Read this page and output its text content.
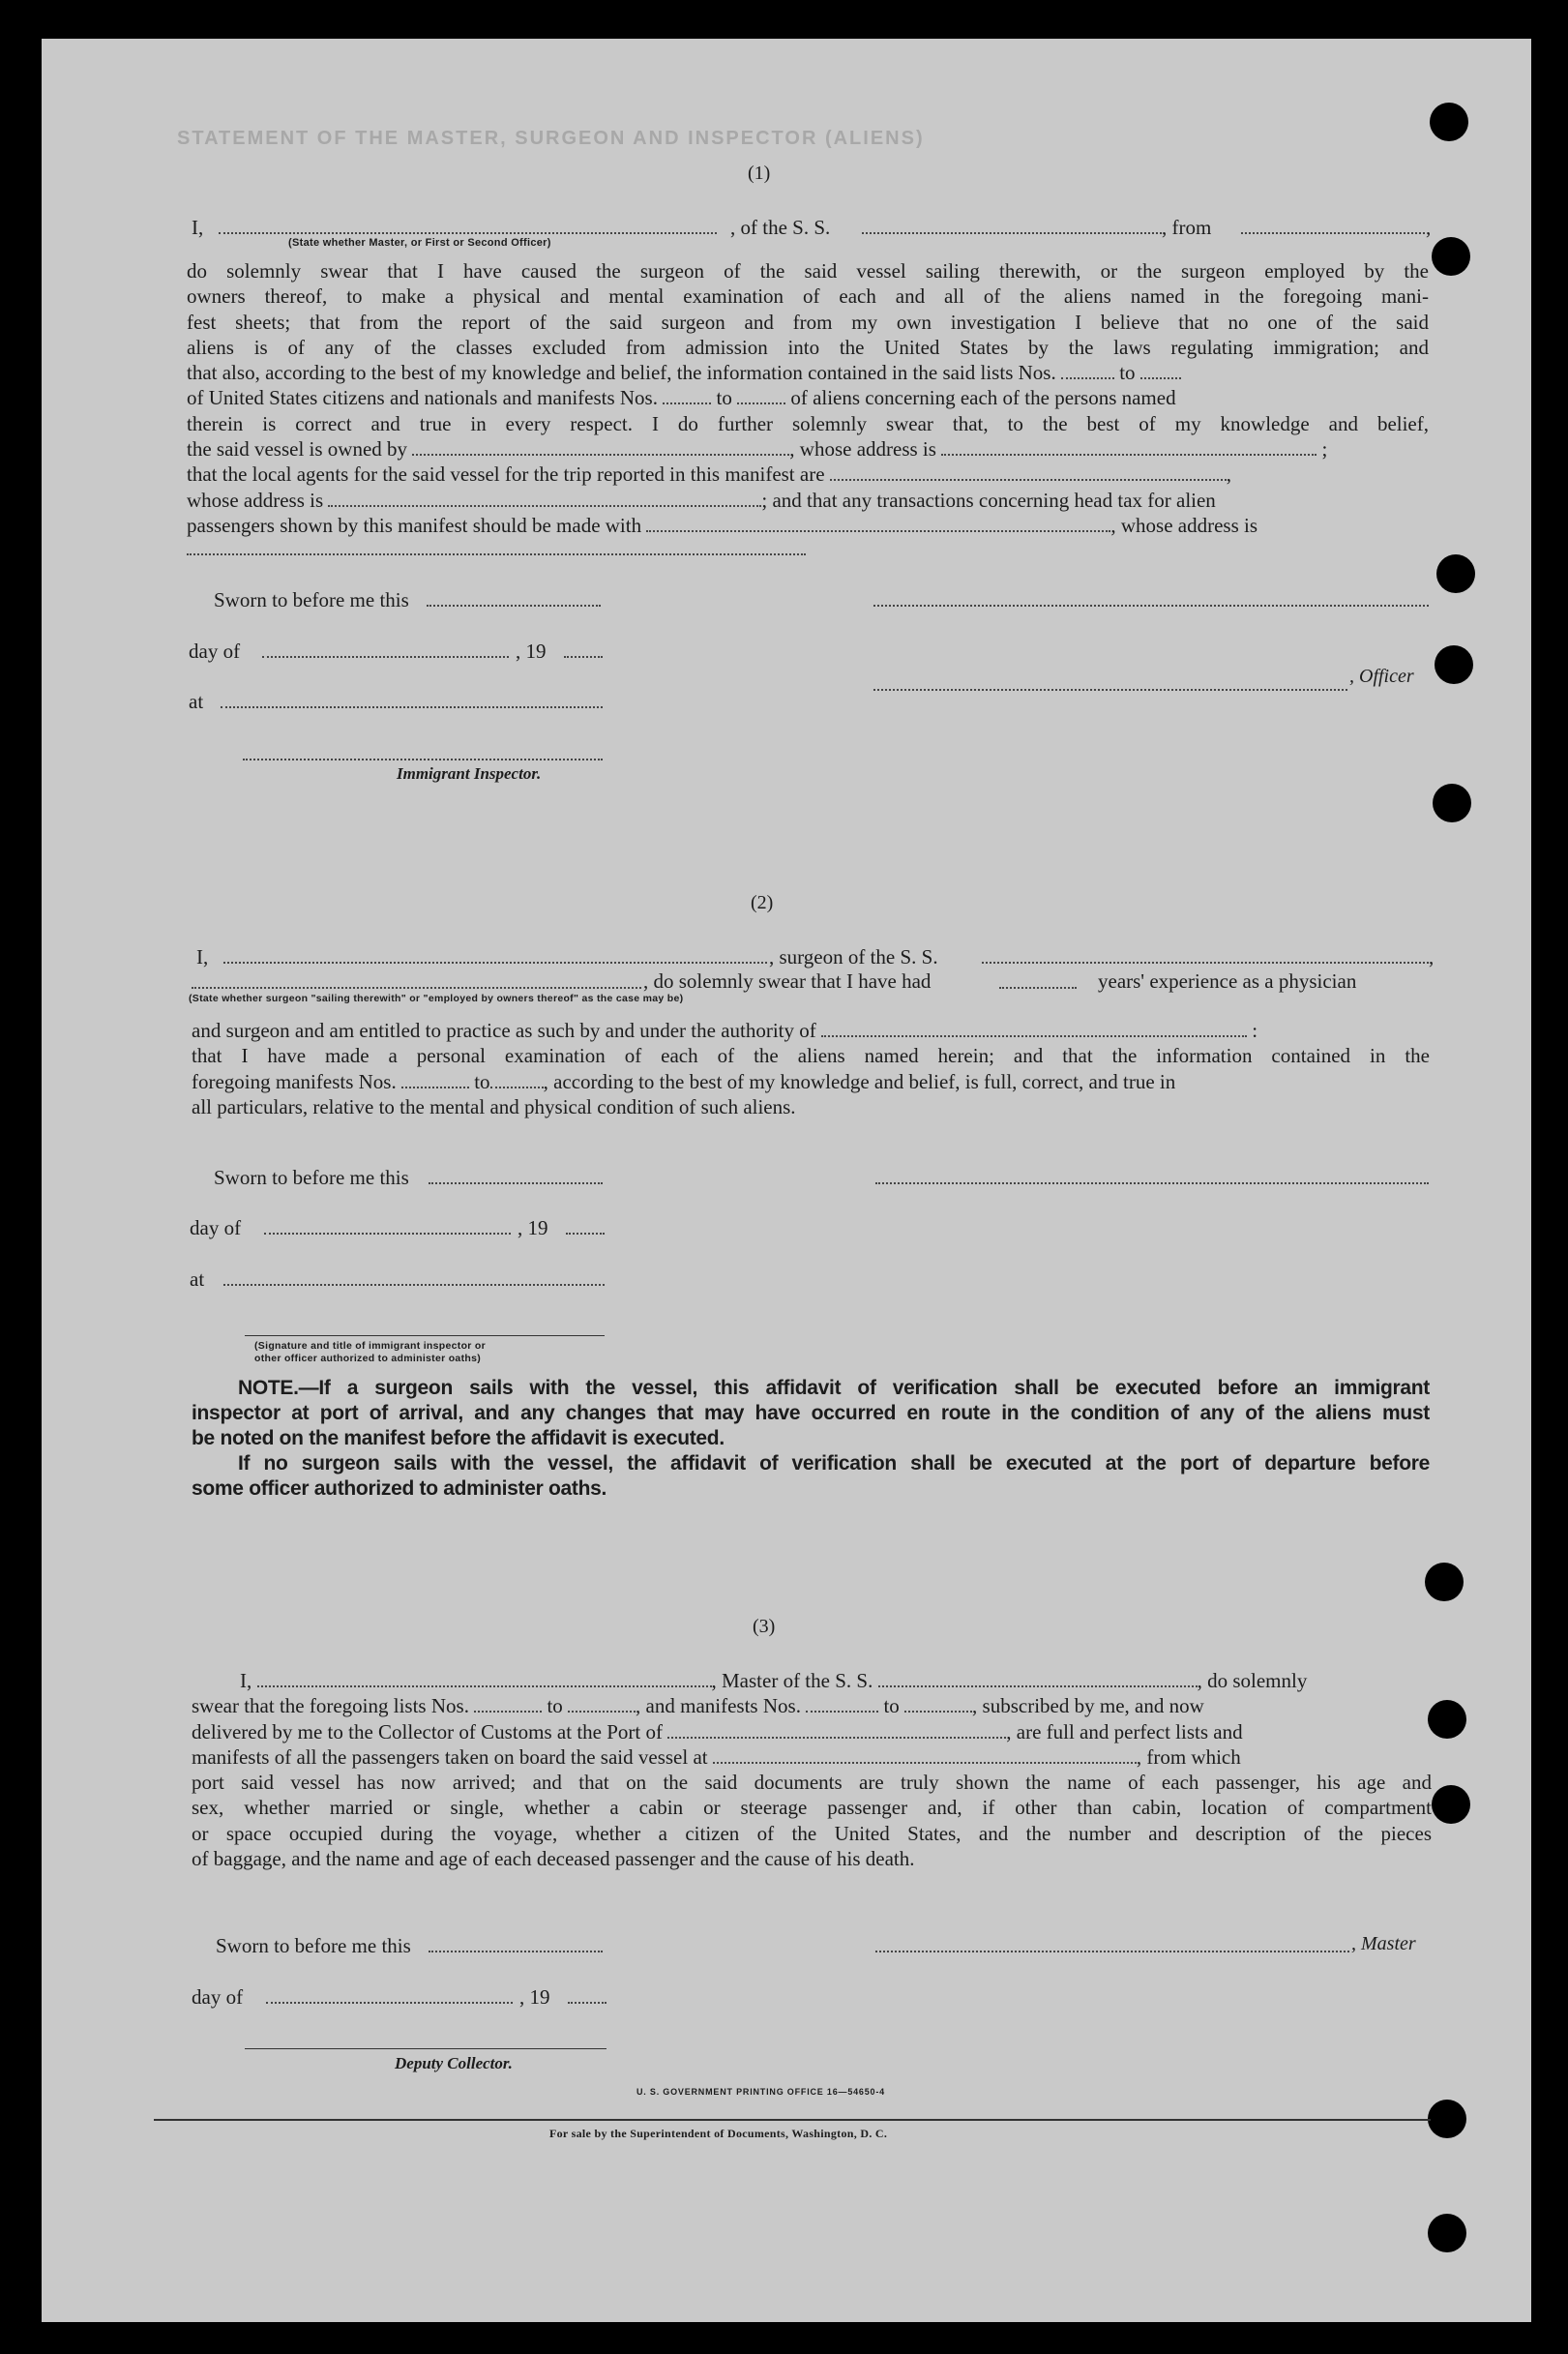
STATEMENT OF THE MASTER, SURGEON AND INSPECTOR (ALIENS)
(1)
I,	, of the S. S.	, from	,
(State whether Master, or First or Second Officer)
do solemnly swear that I have caused the surgeon of the said vessel sailing therewith, or the surgeon employed by the
owners thereof, to make a physical and mental examination of each and all of the aliens named in the foregoing mani-
fest sheets; that from the report of the said surgeon and from my own investigation I believe that no one of the said
aliens is of any of the classes excluded from admission into the United States by the laws regulating immigration; and
that also, according to the best of my knowledge and belief, the information contained in the said lists Nos.	to
of United States citizens and nationals and manifests Nos.	to	of aliens concerning each of the persons named
therein is correct and true in every respect. I do further solemnly swear that, to the best of my knowledge and belief,
the said vessel is owned by	, whose address is	;
that the local agents for the said vessel for the trip reported in this manifest are	,
whose address is	; and that any transactions concerning head tax for alien
passengers shown by this manifest should be made with	, whose address is
Sworn to before me this
day of	, 19
, Officer
at
Immigrant Inspector.
(2)
I,	, surgeon of the S. S.	,
, do solemnly swear that I have had	years' experience as a physician
(State whether surgeon "sailing therewith" or "employed by owners thereof" as the case may be)
and surgeon and am entitled to practice as such by and under the authority of	:
that I have made a personal examination of each of the aliens named herein; and that the information contained in the
foregoing manifests Nos.	to	, according to the best of my knowledge and belief, is full, correct, and true in
all particulars, relative to the mental and physical condition of such aliens.
Sworn to before me this
day of	, 19
at
(Signature and title of immigrant inspector or
other officer authorized to administer oaths)
NOTE.—If a surgeon sails with the vessel, this affidavit of verification shall be executed before an immigrant
inspector at port of arrival, and any changes that may have occurred en route in the condition of any of the aliens must
be noted on the manifest before the affidavit is executed.
If no surgeon sails with the vessel, the affidavit of verification shall be executed at the port of departure before
some officer authorized to administer oaths.
(3)
I,	, Master of the S. S.	, do solemnly
swear that the foregoing lists Nos.	to	, and manifests Nos.	to	, subscribed by me, and now
delivered by me to the Collector of Customs at the Port of	, are full and perfect lists and
manifests of all the passengers taken on board the said vessel at	, from which
port said vessel has now arrived; and that on the said documents are truly shown the name of each passenger, his age and
sex, whether married or single, whether a cabin or steerage passenger and, if other than cabin, location of compartment
or space occupied during the voyage, whether a citizen of the United States, and the number and description of the pieces
of baggage, and the name and age of each deceased passenger and the cause of his death.
Sworn to before me this	, Master
day of	, 19
Deputy Collector.
U. S. GOVERNMENT PRINTING OFFICE 16—54650-4
For sale by the Superintendent of Documents, Washington, D. C.
